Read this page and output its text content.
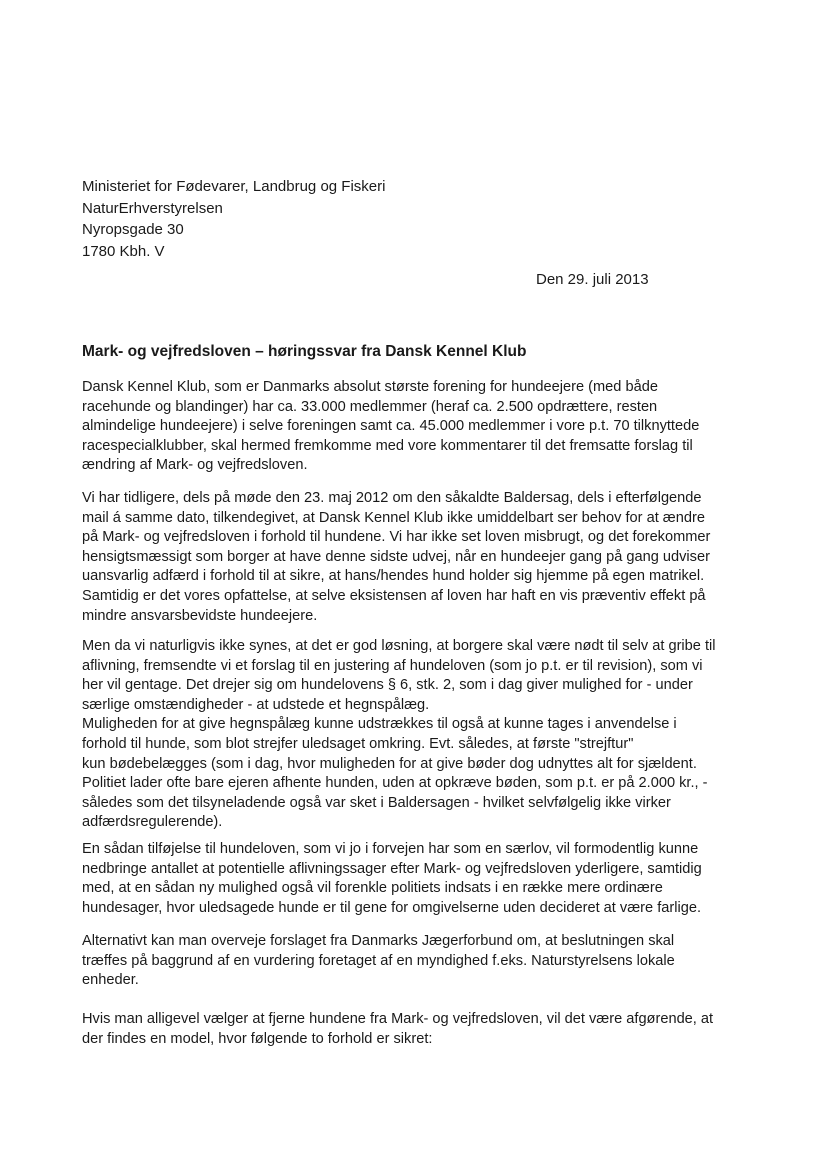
Ministeriet for Fødevarer, Landbrug og Fiskeri
NaturErhverstyrelsen
Nyropsgade 30
1780 Kbh. V
Den 29. juli 2013
Mark- og vejfredsloven – høringssvar fra Dansk Kennel Klub
Dansk Kennel Klub, som er Danmarks absolut største forening for hundeejere (med både
racehunde og blandinger) har ca. 33.000 medlemmer (heraf ca. 2.500 opdrættere, resten
almindelige hundeejere) i selve foreningen samt ca. 45.000 medlemmer i vore p.t. 70 tilknyttede
racespecialklubber, skal hermed fremkomme med vore kommentarer til det fremsatte forslag til
ændring af Mark- og vejfredsloven.
Vi har tidligere, dels på møde den 23. maj 2012 om den såkaldte Baldersag, dels i efterfølgende
mail á samme dato, tilkendegivet, at Dansk Kennel Klub ikke umiddelbart ser behov for at ændre
på Mark- og vejfredsloven i forhold til hundene. Vi har ikke set loven misbrugt, og det forekommer
hensigtsmæssigt som borger at have denne sidste udvej, når en hundeejer gang på gang udviser
uansvarlig adfærd i forhold til at sikre, at hans/hendes hund holder sig hjemme på egen matrikel.
Samtidig er det vores opfattelse, at selve eksistensen af loven har haft en vis præventiv effekt på
mindre ansvarsbevidste hundeejere.
Men da vi naturligvis ikke synes, at det er god løsning, at borgere skal være nødt til selv at gribe til
aflivning, fremsendte vi et forslag til en justering af hundeloven (som jo p.t. er til revision), som vi
her vil gentage. Det drejer sig om hundelovens § 6, stk. 2, som i dag giver mulighed for - under
særlige omstændigheder - at udstede et hegnspålæg.
Muligheden for at give hegnspålæg kunne udstrækkes til også at kunne tages i anvendelse i
forhold til hunde, som blot strejfer uledsaget omkring. Evt. således, at første "strejftur"
kun bødebelægges (som i dag, hvor muligheden for at give bøder dog udnyttes alt for sjældent.
Politiet lader ofte bare ejeren afhente hunden, uden at opkræve bøden, som p.t. er på 2.000 kr., -
således som det tilsyneladende også var sket i Baldersagen - hvilket selvfølgelig ikke virker
adfærdsregulerende).
En sådan tilføjelse til hundeloven, som vi jo i forvejen har som en særlov, vil formodentlig kunne
nedbringe antallet at potentielle aflivningssager efter Mark- og vejfredsloven yderligere, samtidig
med, at en sådan ny mulighed også vil forenkle politiets indsats i en række mere ordinære
hundesager, hvor uledsagede hunde er til gene for omgivelserne uden decideret at være farlige.
Alternativt kan man overveje forslaget fra Danmarks Jægerforbund om, at beslutningen skal
træffes på baggrund af en vurdering foretaget af en myndighed f.eks. Naturstyrelsens lokale
enheder.
Hvis man alligevel vælger at fjerne hundene fra Mark- og vejfredsloven, vil det være afgørende, at
der findes en model, hvor følgende to forhold er sikret:
